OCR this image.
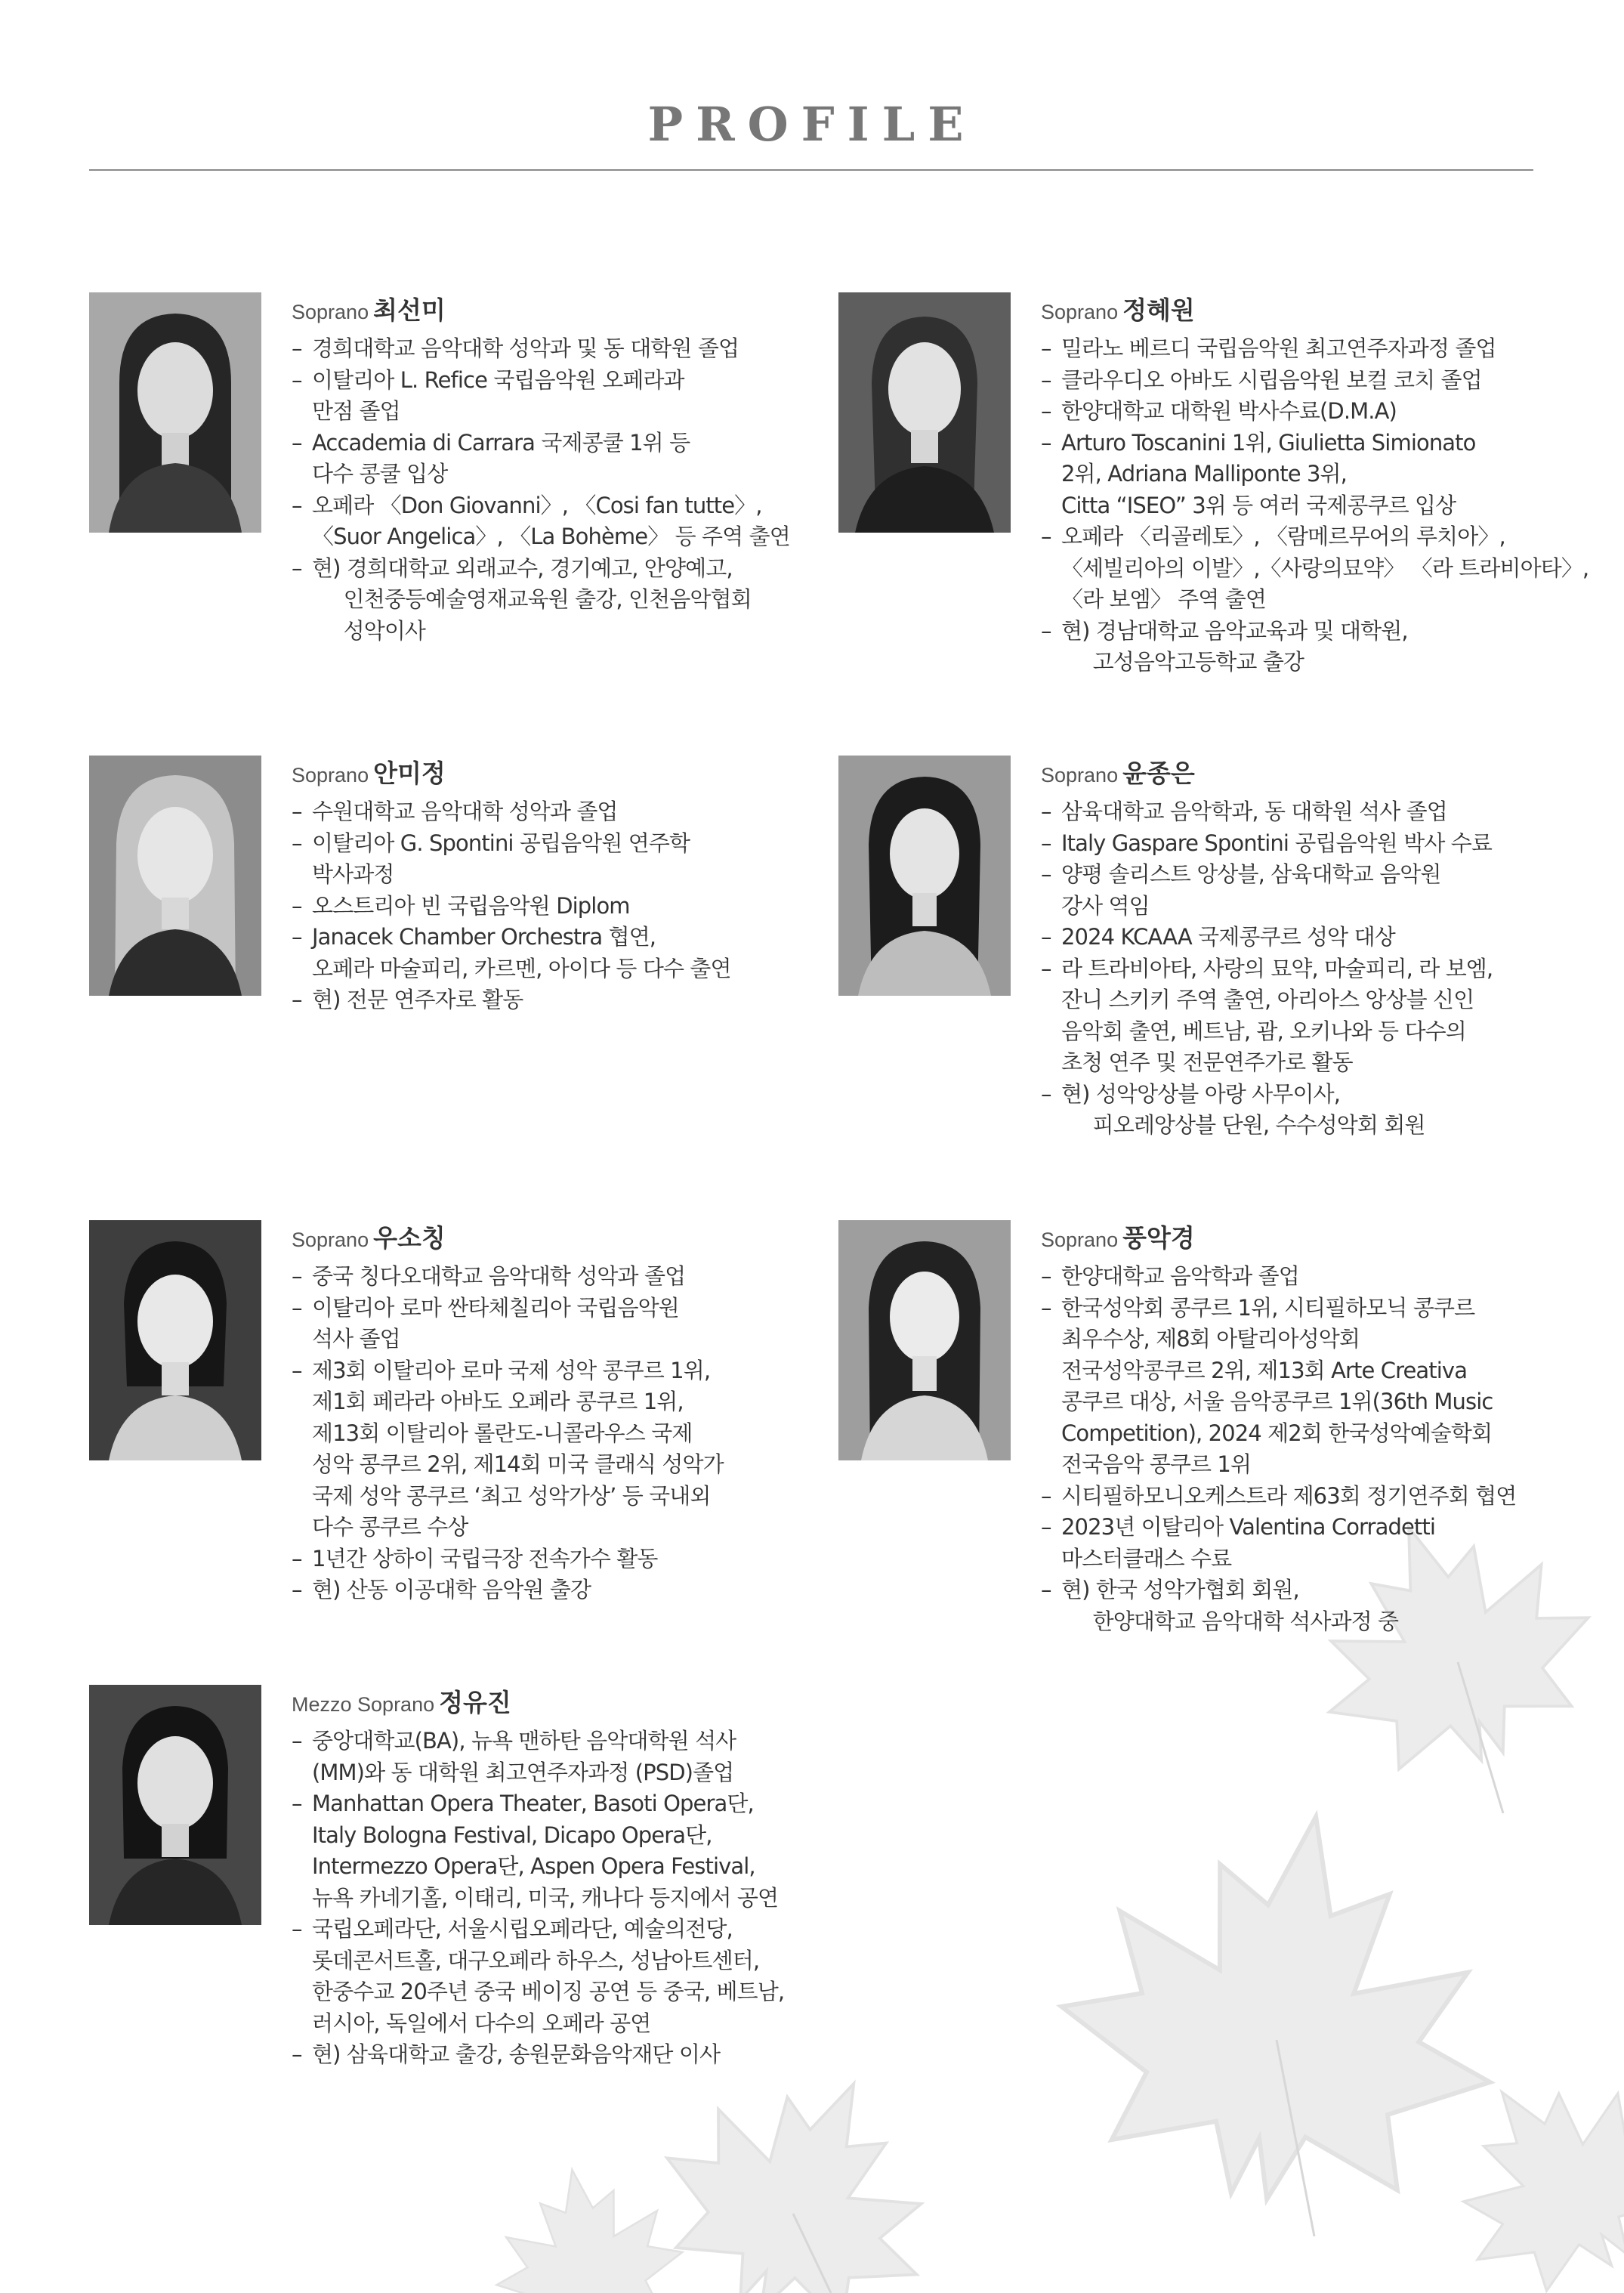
PROFILE
Soprano 최선미
– 경희대학교 음악대학 성악과 및 동 대학원 졸업
– 이탈리아 L. Refice 국립음악원 오페라과
만점 졸업
– Accademia di Carrara 국제콩쿨 1위 등
다수 콩쿨 입상
– 오페라 〈Don Giovanni〉, 〈Cosi fan tutte〉,
〈Suor Angelica〉, 〈La Bohème〉 등 주역 출연
– 현) 경희대학교 외래교수, 경기예고, 안양예고,
인천중등예술영재교육원 출강, 인천음악협회
성악이사
Soprano 정혜원
– 밀라노 베르디 국립음악원 최고연주자과정 졸업
– 클라우디오 아바도 시립음악원 보컬 코치 졸업
– 한양대학교 대학원 박사수료(D.M.A)
– Arturo Toscanini 1위, Giulietta Simionato
2위, Adriana Malliponte 3위,
Citta “ISEO” 3위 등 여러 국제콩쿠르 입상
– 오페라 〈리골레토〉, 〈람메르무어의 루치아〉,
〈세빌리아의 이발〉,〈사랑의묘약〉 〈라 트라비아타〉,
〈라 보엠〉 주역 출연
– 현) 경남대학교 음악교육과 및 대학원,
고성음악고등학교 출강
Soprano 안미정
– 수원대학교 음악대학 성악과 졸업
– 이탈리아 G. Spontini 공립음악원 연주학
박사과정
– 오스트리아 빈 국립음악원 Diplom
– Janacek Chamber Orchestra 협연,
오페라 마술피리, 카르멘, 아이다 등 다수 출연
– 현) 전문 연주자로 활동
Soprano 윤종은
– 삼육대학교 음악학과, 동 대학원 석사 졸업
– Italy Gaspare Spontini 공립음악원 박사 수료
– 양평 솔리스트 앙상블, 삼육대학교 음악원
강사 역임
– 2024 KCAAA 국제콩쿠르 성악 대상
– 라 트라비아타, 사랑의 묘약, 마술피리, 라 보엠,
잔니 스키키 주역 출연, 아리아스 앙상블 신인
음악회 출연, 베트남, 괌, 오키나와 등 다수의
초청 연주 및 전문연주가로 활동
– 현) 성악앙상블 아랑 사무이사,
피오레앙상블 단원, 수수성악회 회원
Soprano 우소칭
– 중국 칭다오대학교 음악대학 성악과 졸업
– 이탈리아 로마 싼타체칠리아 국립음악원
석사 졸업
– 제3회 이탈리아 로마 국제 성악 콩쿠르 1위,
제1회 페라라 아바도 오페라 콩쿠르 1위,
제13회 이탈리아 롤란도-니콜라우스 국제
성악 콩쿠르 2위, 제14회 미국 클래식 성악가
국제 성악 콩쿠르 ‘최고 성악가상’ 등 국내외
다수 콩쿠르 수상
– 1년간 상하이 국립극장 전속가수 활동
– 현) 산동 이공대학 음악원 출강
Soprano 풍악경
– 한양대학교 음악학과 졸업
– 한국성악회 콩쿠르 1위, 시티필하모닉 콩쿠르
최우수상, 제8회 아탈리아성악회
전국성악콩쿠르 2위, 제13회 Arte Creativa
콩쿠르 대상, 서울 음악콩쿠르 1위(36th Music
Competition), 2024 제2회 한국성악예술학회
전국음악 콩쿠르 1위
– 시티필하모니오케스트라 제63회 정기연주회 협연
– 2023년 이탈리아 Valentina Corradetti
마스터클래스 수료
– 현) 한국 성악가협회 회원,
한양대학교 음악대학 석사과정 중
Mezzo Soprano 정유진
– 중앙대학교(BA), 뉴욕 맨하탄 음악대학원 석사
(MM)와 동 대학원 최고연주자과정 (PSD)졸업
– Manhattan Opera Theater, Basoti Opera단,
Italy Bologna Festival, Dicapo Opera단,
Intermezzo Opera단, Aspen Opera Festival,
뉴욕 카네기홀, 이태리, 미국, 캐나다 등지에서 공연
– 국립오페라단, 서울시립오페라단, 예술의전당,
롯데콘서트홀, 대구오페라 하우스, 성남아트센터,
한중수교 20주년 중국 베이징 공연 등 중국, 베트남,
러시아, 독일에서 다수의 오페라 공연
– 현) 삼육대학교 출강, 송원문화음악재단 이사
